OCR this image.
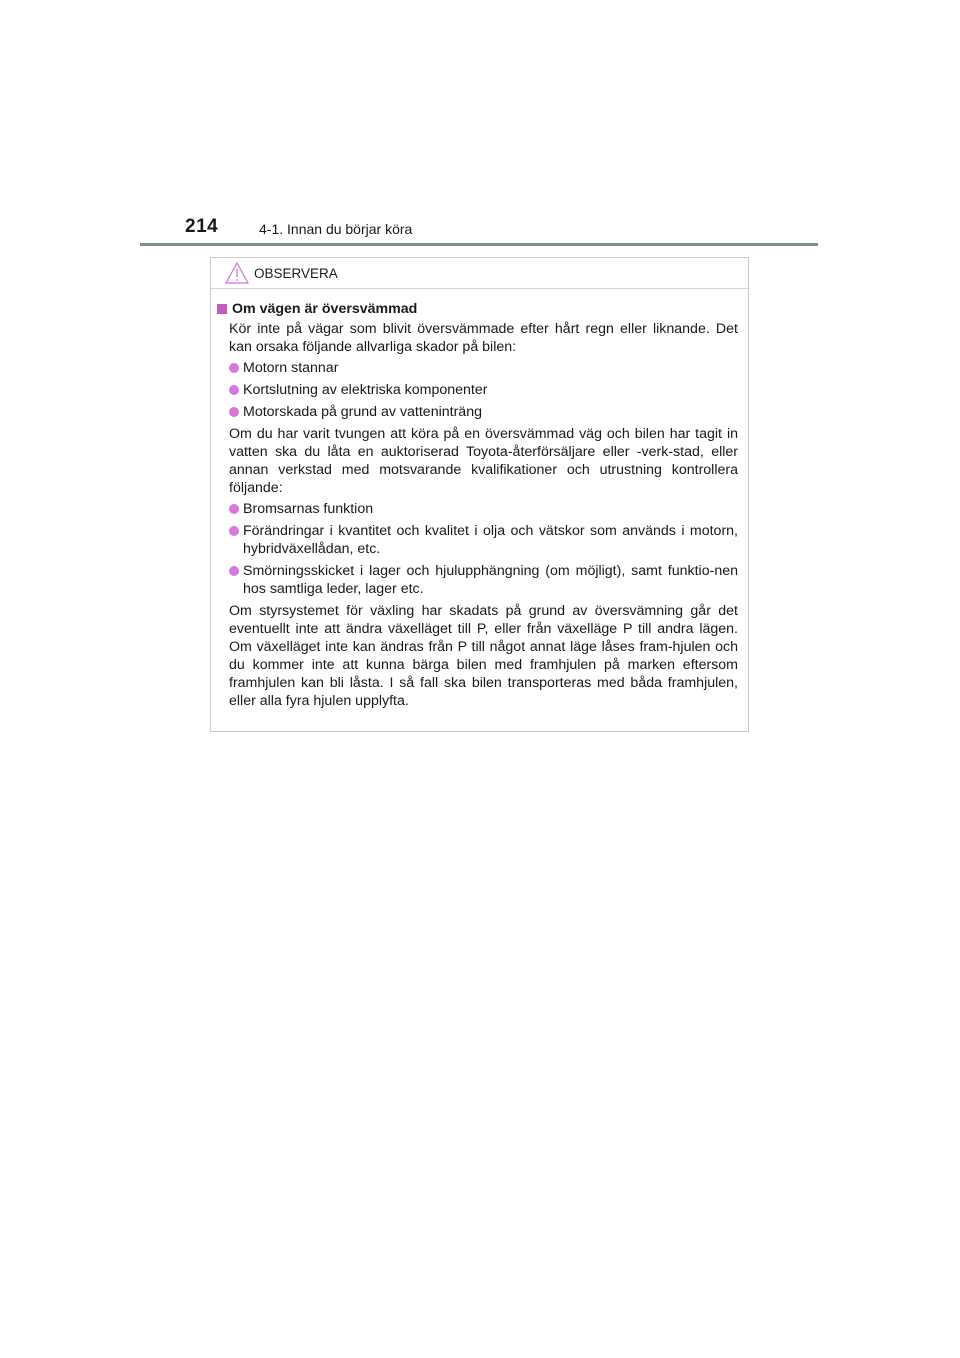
214	4-1. Innan du börjar köra
OBSERVERA
Om vägen är översvämmad
Kör inte på vägar som blivit översvämmade efter hårt regn eller liknande. Det kan orsaka följande allvarliga skador på bilen:
Motorn stannar
Kortslutning av elektriska komponenter
Motorskada på grund av vatteninträng
Om du har varit tvungen att köra på en översvämmad väg och bilen har tagit in vatten ska du låta en auktoriserad Toyota-återförsäljare eller -verk-stad, eller annan verkstad med motsvarande kvalifikationer och utrustning kontrollera följande:
Bromsarnas funktion
Förändringar i kvantitet och kvalitet i olja och vätskor som används i motorn, hybridväxellådan, etc.
Smörningsskicket i lager och hjulupphängning (om möjligt), samt funktio-nen hos samtliga leder, lager etc.
Om styrsystemet för växling har skadats på grund av översvämning går det eventuellt inte att ändra växelläget till P, eller från växelläge P till andra lägen. Om växelläget inte kan ändras från P till något annat läge låses fram-hjulen och du kommer inte att kunna bärga bilen med framhjulen på marken eftersom framhjulen kan bli låsta. I så fall ska bilen transporteras med båda framhjulen, eller alla fyra hjulen upplyfta.
